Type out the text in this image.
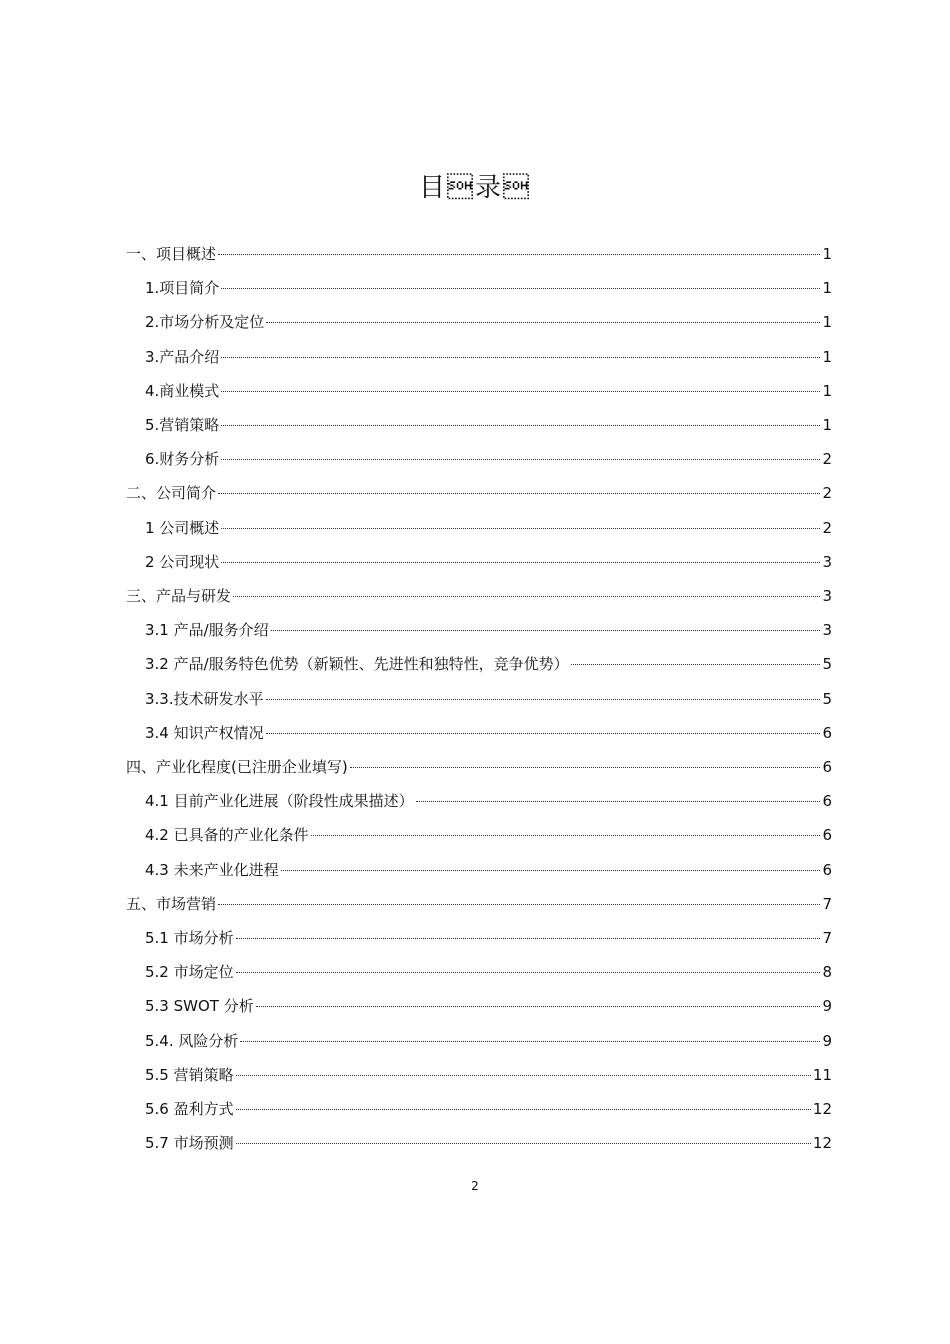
目录
一、项目概述	1
1.项目简介	1
2.市场分析及定位	1
3.产品介绍	1
4.商业模式	1
5.营销策略	1
6.财务分析	2
二、公司简介	2
1 公司概述	2
2 公司现状	3
三、产品与研发	3
3.1 产品/服务介绍	3
3.2 产品/服务特色优势（新颖性、先进性和独特性，竞争优势）	5
3.3.技术研发水平	5
3.4 知识产权情况	6
四、产业化程度(已注册企业填写)	6
4.1 目前产业化进展（阶段性成果描述）	6
4.2 已具备的产业化条件	6
4.3 未来产业化进程	6
五、市场营销	7
5.1 市场分析	7
5.2 市场定位	8
5.3 SWOT 分析	9
5.4. 风险分析	9
5.5 营销策略	11
5.6 盈利方式	12
5.7 市场预测	12
2
